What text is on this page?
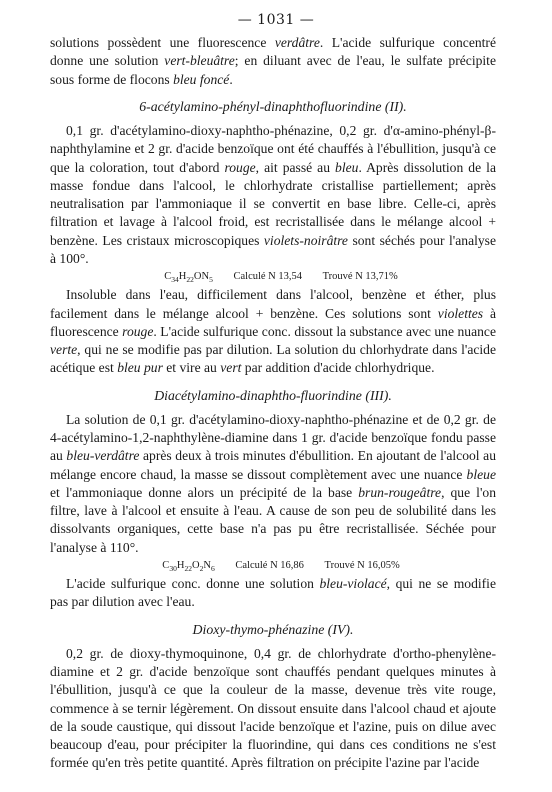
— 1031 —

solutions possèdent une fluorescence verdâtre. L'acide sulfurique concentré donne une solution vert-bleuâtre; en diluant avec de l'eau, le sulfate précipite sous forme de flocons bleu foncé.

6-acétylamino-phényl-dinaphthofluorindine (II).

0,1 gr. d'acétylamino-dioxy-naphtho-phénazine, 0,2 gr. d'α-amino-phényl-β-naphthylamine et 2 gr. d'acide benzoïque ont été chauffés à l'ébullition, jusqu'à ce que la coloration, tout d'abord rouge, ait passé au bleu. Après dissolution de la masse fondue dans l'alcool, le chlorhydrate cristallise partiellement; après neutralisation par l'ammoniaque il se convertit en base libre. Celle-ci, après filtration et lavage à l'alcool froid, est recristallisée dans le mélange alcool + benzène. Les cristaux microscopiques violets-noirâtre sont séchés pour l'analyse à 100°.

$C_{34}H_{22}ON_5$ Calculé N 13,54 Trouvé N 13,71%

Insoluble dans l'eau, difficilement dans l'alcool, benzène et éther, plus facilement dans le mélange alcool + benzène. Ces solutions sont violettes à fluorescence rouge. L'acide sulfurique conc. dissout la substance avec une nuance verte, qui ne se modifie pas par dilution. La solution du chlorhydrate dans l'acide acétique est bleu pur et vire au vert par addition d'acide chlorhydrique.

Diacétylamino-dinaphtho-fluorindine (III).

La solution de 0,1 gr. d'acétylamino-dioxy-naphtho-phénazine et de 0,2 gr. de 4-acétylamino-1,2-naphthylène-diamine dans 1 gr. d'acide benzoïque fondu passe au bleu-verdâtre après deux à trois minutes d'ébullition. En ajoutant de l'alcool au mélange encore chaud, la masse se dissout complètement avec une nuance bleue et l'ammoniaque donne alors un précipité de la base brun-rougeâtre, que l'on filtre, lave à l'alcool et ensuite à l'eau. A cause de son peu de solubilité dans les dissolvants organiques, cette base n'a pas pu être recristallisée. Séchée pour l'analyse à 110°.

$C_{30}H_{22}O_2N_6$ Calculé N 16,86 Trouvé N 16,05%

L'acide sulfurique conc. donne une solution bleu-violacé, qui ne se modifie pas par dilution avec l'eau.

Dioxy-thymo-phénazine (IV).

0,2 gr. de dioxy-thymoquinone, 0,4 gr. de chlorhydrate d'ortho-phenylène-diamine et 2 gr. d'acide benzoïque sont chauffés pendant quelques minutes à l'ébullition, jusqu'à ce que la couleur de la masse, devenue très vite rouge, commence à se ternir légèrement. On dissout ensuite dans l'alcool chaud et ajoute de la soude caustique, qui dissout l'acide benzoïque et l'azine, puis on dilue avec beaucoup d'eau, pour précipiter la fluorindine, qui dans ces conditions ne s'est formée qu'en très petite quantité. Après filtration on précipite l'azine par l'acide
